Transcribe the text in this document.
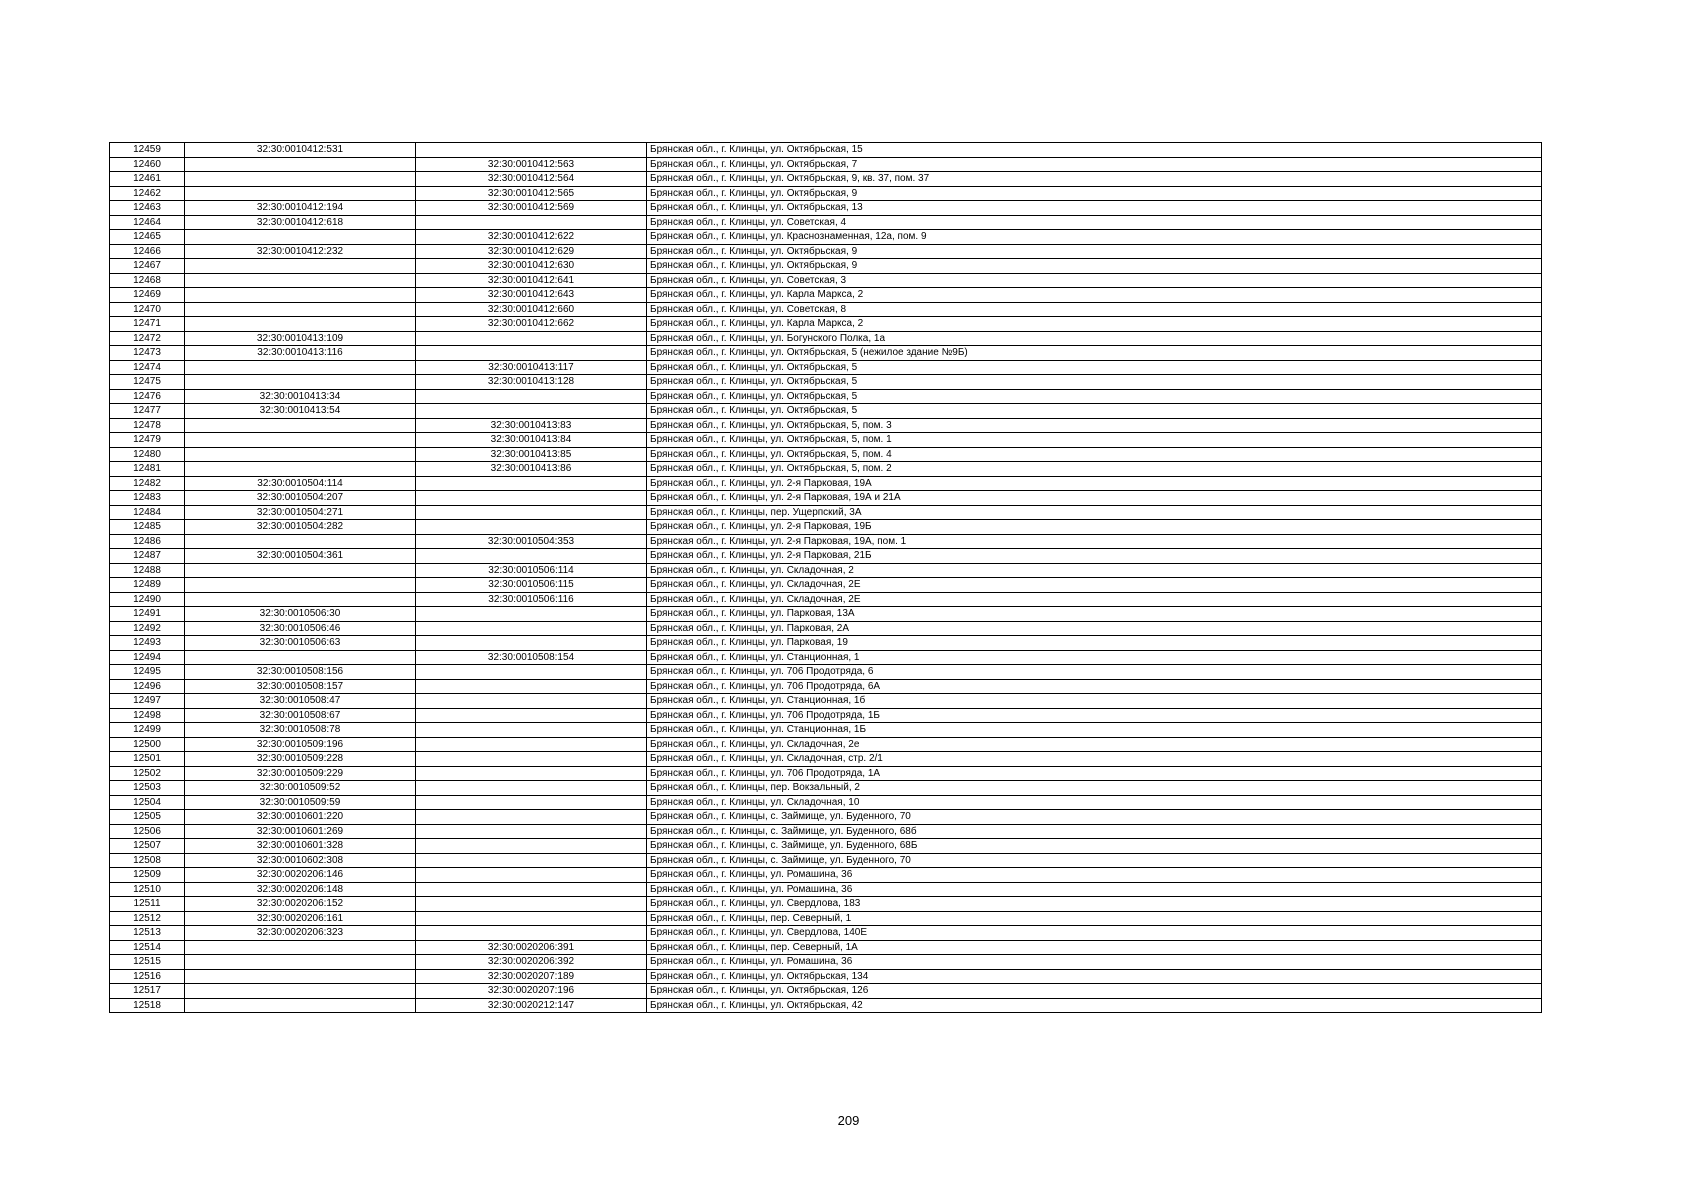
12459	32:30:0010412:531		Брянская обл., г. Клинцы, ул. Октябрьская, 15
12460		32:30:0010412:563	Брянская обл., г. Клинцы, ул. Октябрьская, 7
12461		32:30:0010412:564	Брянская обл., г. Клинцы, ул. Октябрьская, 9, кв. 37, пом. 37
12462		32:30:0010412:565	Брянская обл., г. Клинцы, ул. Октябрьская, 9
12463	32:30:0010412:194	32:30:0010412:569	Брянская обл., г. Клинцы, ул. Октябрьская, 13
12464	32:30:0010412:618		Брянская обл., г. Клинцы, ул. Советская, 4
12465		32:30:0010412:622	Брянская обл., г. Клинцы, ул. Краснознаменная, 12а, пом. 9
12466	32:30:0010412:232	32:30:0010412:629	Брянская обл., г. Клинцы, ул. Октябрьская, 9
12467		32:30:0010412:630	Брянская обл., г. Клинцы, ул. Октябрьская, 9
12468		32:30:0010412:641	Брянская обл., г. Клинцы, ул. Советская, 3
12469		32:30:0010412:643	Брянская обл., г. Клинцы, ул. Карла Маркса, 2
12470		32:30:0010412:660	Брянская обл., г. Клинцы, ул. Советская, 8
12471		32:30:0010412:662	Брянская обл., г. Клинцы, ул. Карла Маркса, 2
12472	32:30:0010413:109		Брянская обл., г. Клинцы, ул. Богунского Полка, 1а
12473	32:30:0010413:116		Брянская обл., г. Клинцы, ул. Октябрьская, 5 (нежилое здание №9Б)
12474		32:30:0010413:117	Брянская обл., г. Клинцы, ул. Октябрьская, 5
12475		32:30:0010413:128	Брянская обл., г. Клинцы, ул. Октябрьская, 5
12476	32:30:0010413:34		Брянская обл., г. Клинцы, ул. Октябрьская, 5
12477	32:30:0010413:54		Брянская обл., г. Клинцы, ул. Октябрьская, 5
12478		32:30:0010413:83	Брянская обл., г. Клинцы, ул. Октябрьская, 5, пом. 3
12479		32:30:0010413:84	Брянская обл., г. Клинцы, ул. Октябрьская, 5, пом. 1
12480		32:30:0010413:85	Брянская обл., г. Клинцы, ул. Октябрьская, 5, пом. 4
12481		32:30:0010413:86	Брянская обл., г. Клинцы, ул. Октябрьская, 5, пом. 2
12482	32:30:0010504:114		Брянская обл., г. Клинцы, ул. 2-я Парковая, 19А
12483	32:30:0010504:207		Брянская обл., г. Клинцы, ул. 2-я Парковая, 19А и 21А
12484	32:30:0010504:271		Брянская обл., г. Клинцы, пер. Ущерпский, 3А
12485	32:30:0010504:282		Брянская обл., г. Клинцы, ул. 2-я Парковая, 19Б
12486		32:30:0010504:353	Брянская обл., г. Клинцы, ул. 2-я Парковая, 19А, пом. 1
12487	32:30:0010504:361		Брянская обл., г. Клинцы, ул. 2-я Парковая, 21Б
12488		32:30:0010506:114	Брянская обл., г. Клинцы, ул. Складочная, 2
12489		32:30:0010506:115	Брянская обл., г. Клинцы, ул. Складочная, 2Е
12490		32:30:0010506:116	Брянская обл., г. Клинцы, ул. Складочная, 2Е
12491	32:30:0010506:30		Брянская обл., г. Клинцы, ул. Парковая, 13А
12492	32:30:0010506:46		Брянская обл., г. Клинцы, ул. Парковая, 2А
12493	32:30:0010506:63		Брянская обл., г. Клинцы, ул. Парковая, 19
12494		32:30:0010508:154	Брянская обл., г. Клинцы, ул. Станционная, 1
12495	32:30:0010508:156		Брянская обл., г. Клинцы, ул. 706 Продотряда, 6
12496	32:30:0010508:157		Брянская обл., г. Клинцы, ул. 706 Продотряда, 6А
12497	32:30:0010508:47		Брянская обл., г. Клинцы, ул. Станционная, 1б
12498	32:30:0010508:67		Брянская обл., г. Клинцы, ул. 706 Продотряда, 1Б
12499	32:30:0010508:78		Брянская обл., г. Клинцы, ул. Станционная, 1Б
12500	32:30:0010509:196		Брянская обл., г. Клинцы, ул. Складочная, 2е
12501	32:30:0010509:228		Брянская обл., г. Клинцы, ул. Складочная, стр. 2/1
12502	32:30:0010509:229		Брянская обл., г. Клинцы, ул. 706 Продотряда, 1А
12503	32:30:0010509:52		Брянская обл., г. Клинцы, пер. Вокзальный, 2
12504	32:30:0010509:59		Брянская обл., г. Клинцы, ул. Складочная, 10
12505	32:30:0010601:220		Брянская обл., г. Клинцы, с. Займище, ул. Буденного, 70
12506	32:30:0010601:269		Брянская обл., г. Клинцы, с. Займище, ул. Буденного, 68б
12507	32:30:0010601:328		Брянская обл., г. Клинцы, с. Займище, ул. Буденного, 68Б
12508	32:30:0010602:308		Брянская обл., г. Клинцы, с. Займище, ул. Буденного, 70
12509	32:30:0020206:146		Брянская обл., г. Клинцы, ул. Ромашина, 36
12510	32:30:0020206:148		Брянская обл., г. Клинцы, ул. Ромашина, 36
12511	32:30:0020206:152		Брянская обл., г. Клинцы, ул. Свердлова, 183
12512	32:30:0020206:161		Брянская обл., г. Клинцы, пер. Северный, 1
12513	32:30:0020206:323		Брянская обл., г. Клинцы, ул. Свердлова, 140Е
12514		32:30:0020206:391	Брянская обл., г. Клинцы, пер. Северный, 1А
12515		32:30:0020206:392	Брянская обл., г. Клинцы, ул. Ромашина, 36
12516		32:30:0020207:189	Брянская обл., г. Клинцы, ул. Октябрьская, 134
12517		32:30:0020207:196	Брянская обл., г. Клинцы, ул. Октябрьская, 126
12518		32:30:0020212:147	Брянская обл., г. Клинцы, ул. Октябрьская, 42
209
